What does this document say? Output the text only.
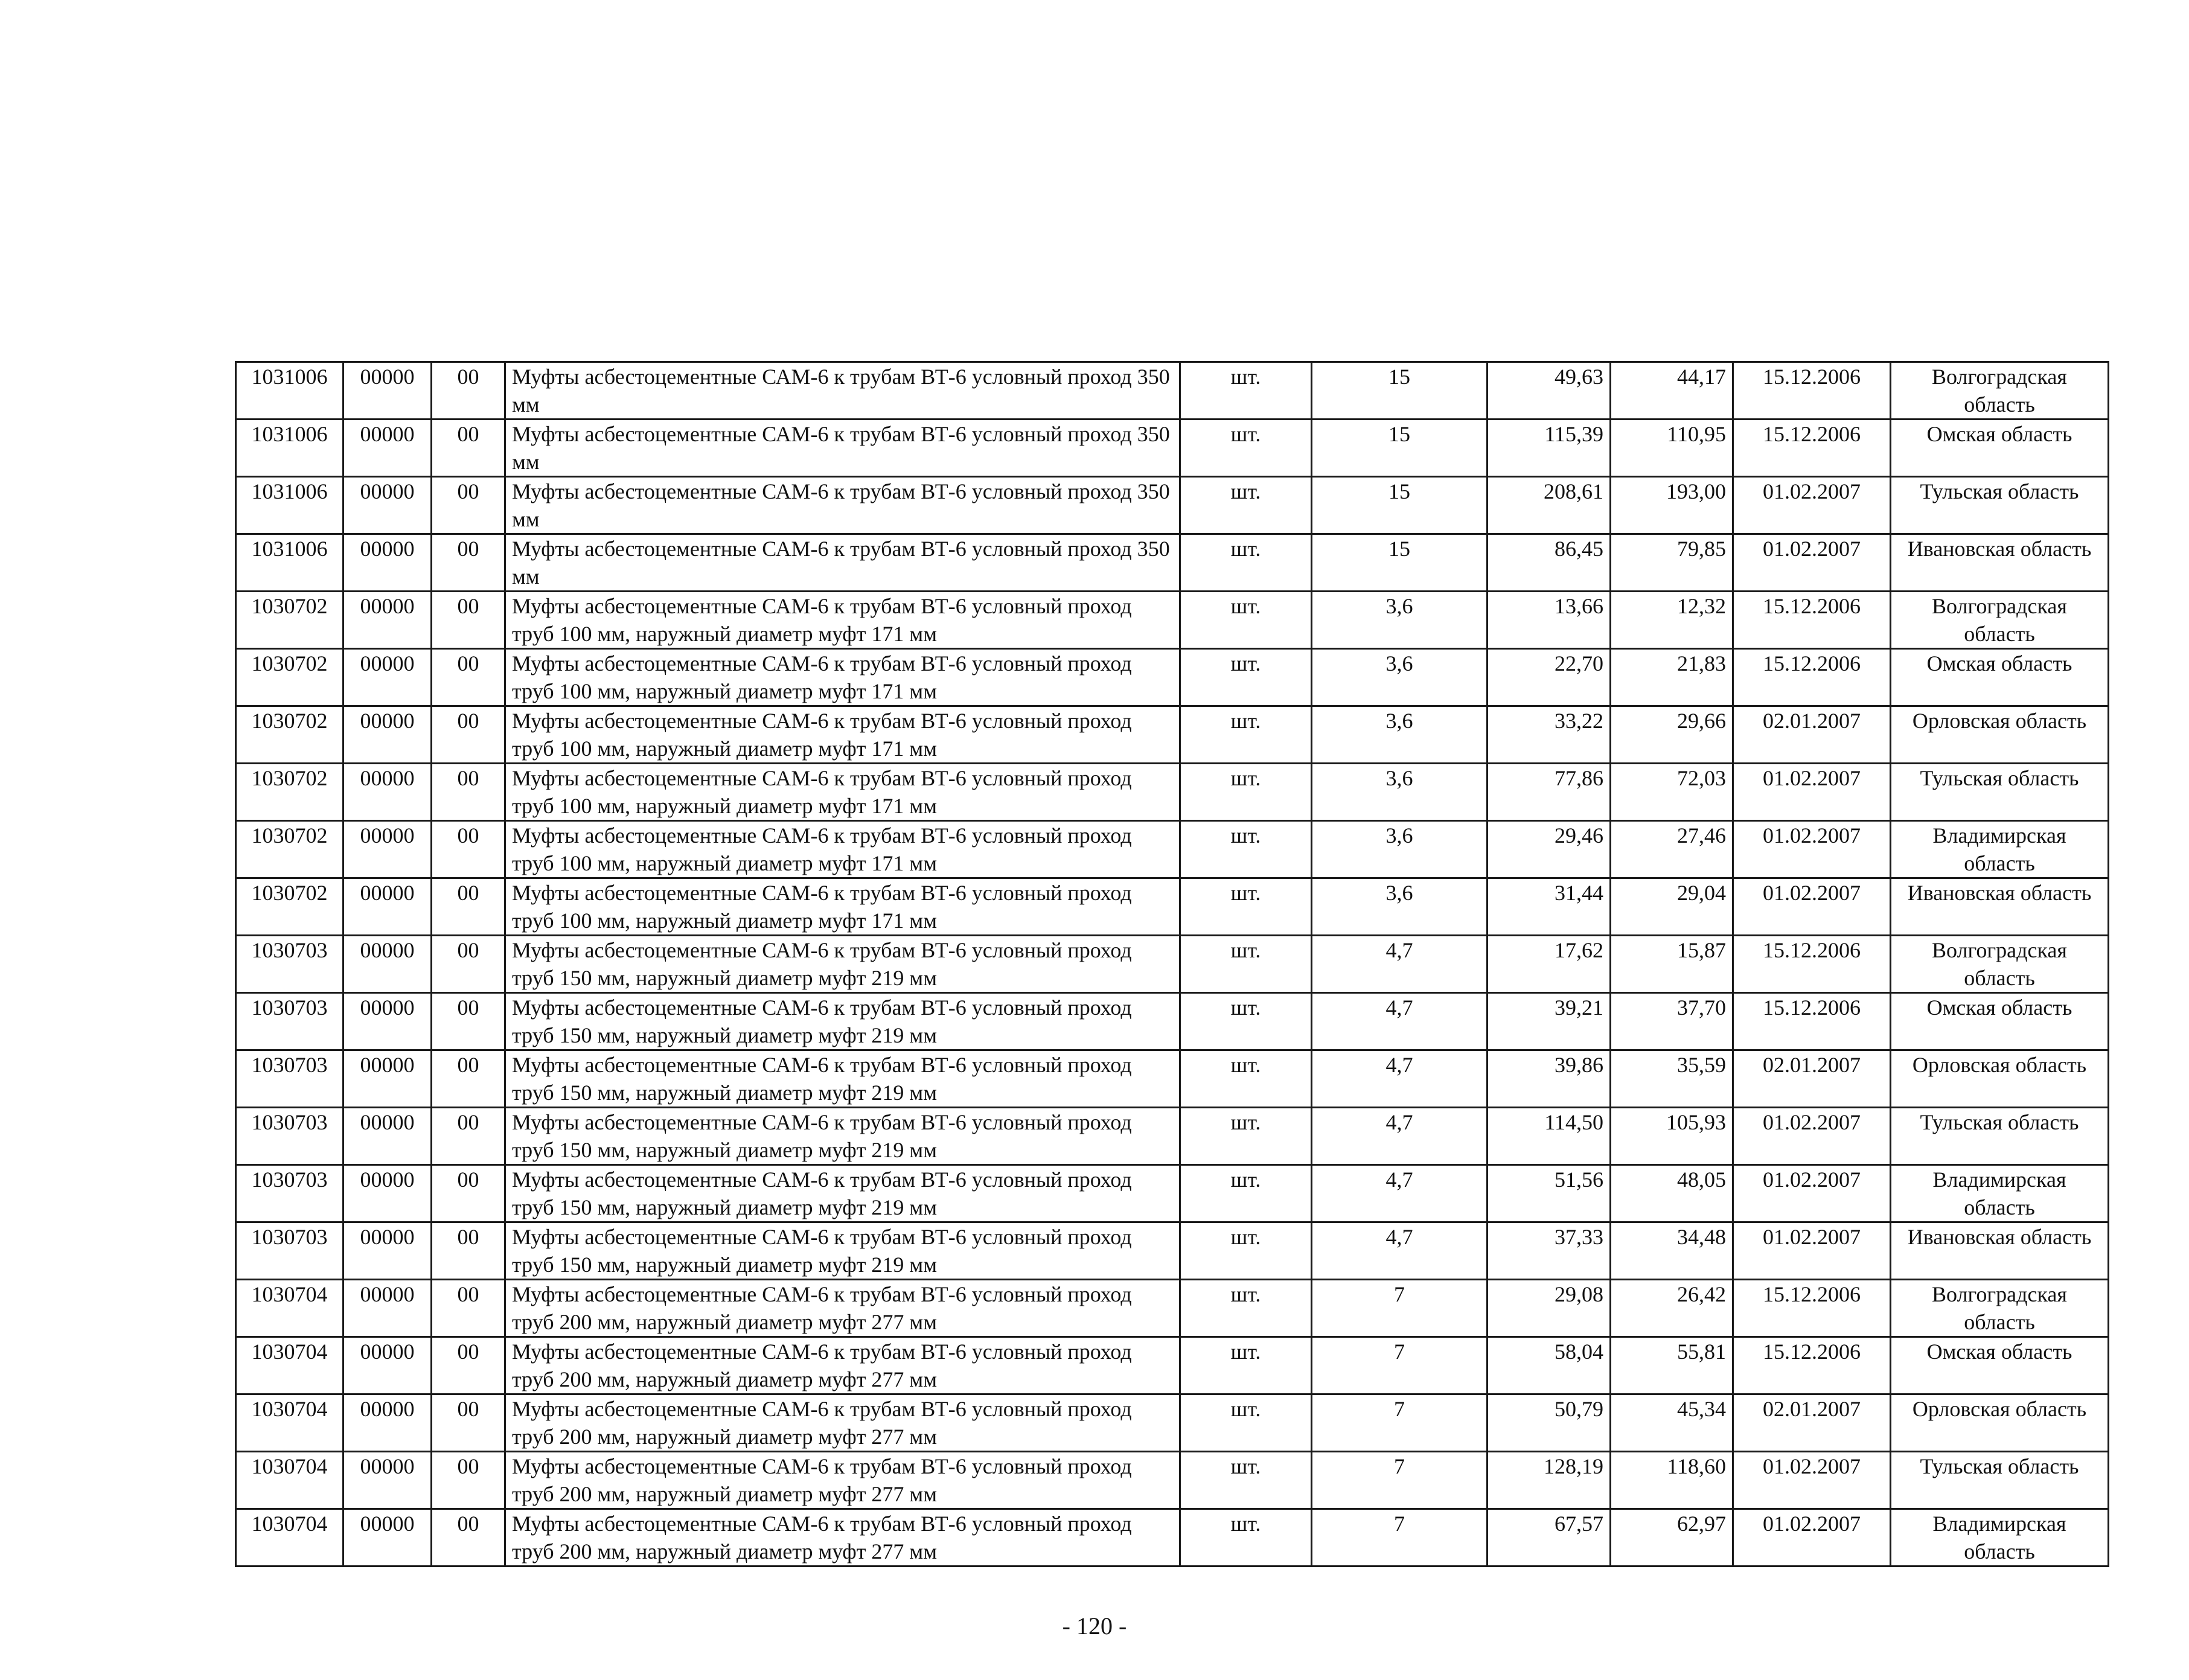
1031006	00000	00	Муфты асбестоцементные САМ-6 к трубам ВТ-6 условный проход 350 мм	шт.	15	49,63	44,17	15.12.2006	Волгоградская область
1031006	00000	00	Муфты асбестоцементные САМ-6 к трубам ВТ-6 условный проход 350 мм	шт.	15	115,39	110,95	15.12.2006	Омская область
1031006	00000	00	Муфты асбестоцементные САМ-6 к трубам ВТ-6 условный проход 350 мм	шт.	15	208,61	193,00	01.02.2007	Тульская область
1031006	00000	00	Муфты асбестоцементные САМ-6 к трубам ВТ-6 условный проход 350 мм	шт.	15	86,45	79,85	01.02.2007	Ивановская область
1030702	00000	00	Муфты асбестоцементные САМ-6 к трубам ВТ-6 условный проход труб 100 мм, наружный диаметр муфт 171 мм	шт.	3,6	13,66	12,32	15.12.2006	Волгоградская область
1030702	00000	00	Муфты асбестоцементные САМ-6 к трубам ВТ-6 условный проход труб 100 мм, наружный диаметр муфт 171 мм	шт.	3,6	22,70	21,83	15.12.2006	Омская область
1030702	00000	00	Муфты асбестоцементные САМ-6 к трубам ВТ-6 условный проход труб 100 мм, наружный диаметр муфт 171 мм	шт.	3,6	33,22	29,66	02.01.2007	Орловская область
1030702	00000	00	Муфты асбестоцементные САМ-6 к трубам ВТ-6 условный проход труб 100 мм, наружный диаметр муфт 171 мм	шт.	3,6	77,86	72,03	01.02.2007	Тульская область
1030702	00000	00	Муфты асбестоцементные САМ-6 к трубам ВТ-6 условный проход труб 100 мм, наружный диаметр муфт 171 мм	шт.	3,6	29,46	27,46	01.02.2007	Владимирская область
1030702	00000	00	Муфты асбестоцементные САМ-6 к трубам ВТ-6 условный проход труб 100 мм, наружный диаметр муфт 171 мм	шт.	3,6	31,44	29,04	01.02.2007	Ивановская область
1030703	00000	00	Муфты асбестоцементные САМ-6 к трубам ВТ-6 условный проход труб 150 мм, наружный диаметр муфт 219 мм	шт.	4,7	17,62	15,87	15.12.2006	Волгоградская область
1030703	00000	00	Муфты асбестоцементные САМ-6 к трубам ВТ-6 условный проход труб 150 мм, наружный диаметр муфт 219 мм	шт.	4,7	39,21	37,70	15.12.2006	Омская область
1030703	00000	00	Муфты асбестоцементные САМ-6 к трубам ВТ-6 условный проход труб 150 мм, наружный диаметр муфт 219 мм	шт.	4,7	39,86	35,59	02.01.2007	Орловская область
1030703	00000	00	Муфты асбестоцементные САМ-6 к трубам ВТ-6 условный проход труб 150 мм, наружный диаметр муфт 219 мм	шт.	4,7	114,50	105,93	01.02.2007	Тульская область
1030703	00000	00	Муфты асбестоцементные САМ-6 к трубам ВТ-6 условный проход труб 150 мм, наружный диаметр муфт 219 мм	шт.	4,7	51,56	48,05	01.02.2007	Владимирская область
1030703	00000	00	Муфты асбестоцементные САМ-6 к трубам ВТ-6 условный проход труб 150 мм, наружный диаметр муфт 219 мм	шт.	4,7	37,33	34,48	01.02.2007	Ивановская область
1030704	00000	00	Муфты асбестоцементные САМ-6 к трубам ВТ-6 условный проход труб 200 мм, наружный диаметр муфт 277 мм	шт.	7	29,08	26,42	15.12.2006	Волгоградская область
1030704	00000	00	Муфты асбестоцементные САМ-6 к трубам ВТ-6 условный проход труб 200 мм, наружный диаметр муфт 277 мм	шт.	7	58,04	55,81	15.12.2006	Омская область
1030704	00000	00	Муфты асбестоцементные САМ-6 к трубам ВТ-6 условный проход труб 200 мм, наружный диаметр муфт 277 мм	шт.	7	50,79	45,34	02.01.2007	Орловская область
1030704	00000	00	Муфты асбестоцементные САМ-6 к трубам ВТ-6 условный проход труб 200 мм, наружный диаметр муфт 277 мм	шт.	7	128,19	118,60	01.02.2007	Тульская область
1030704	00000	00	Муфты асбестоцементные САМ-6 к трубам ВТ-6 условный проход труб 200 мм, наружный диаметр муфт 277 мм	шт.	7	67,57	62,97	01.02.2007	Владимирская область
- 120 -
